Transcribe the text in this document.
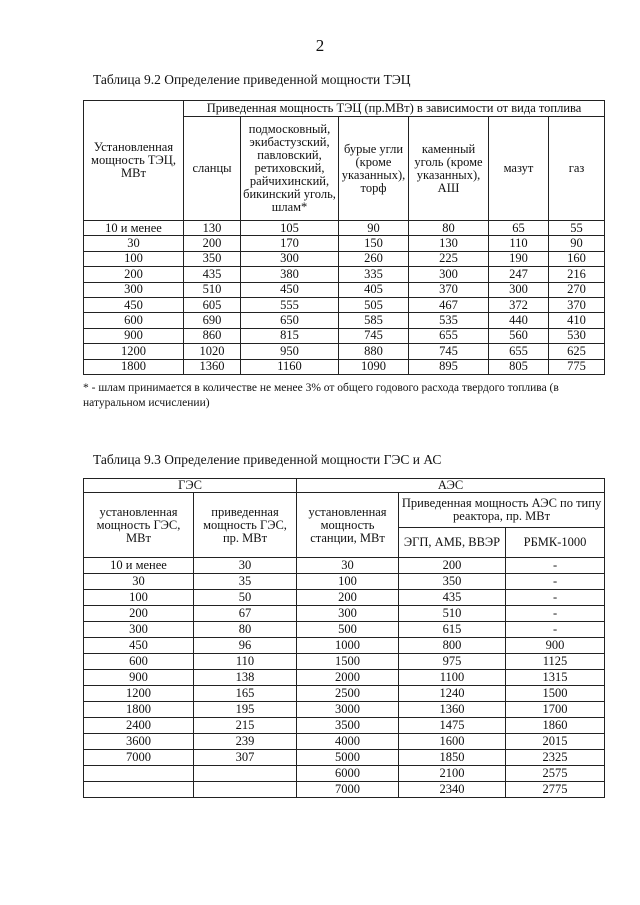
2
Таблица 9.2 Определение приведенной мощности ТЭЦ
Установленная мощность ТЭЦ, МВт	Приведенная мощность ТЭЦ (пр.МВт) в зависимости от вида топлива					
	сланцы	подмосковный, экибастузский, павловский, ретиховский, райчихинский, бикинский уголь, шлам*	бурые угли (кроме указанных), торф	каменный уголь (кроме указанных), АШ	мазут	газ
10 и менее	130	105	90	80	65	55
30	200	170	150	130	110	90
100	350	300	260	225	190	160
200	435	380	335	300	247	216
300	510	450	405	370	300	270
450	605	555	505	467	372	370
600	690	650	585	535	440	410
900	860	815	745	655	560	530
1200	1020	950	880	745	655	625
1800	1360	1160	1090	895	805	775
* - шлам принимается в количестве не менее 3% от общего годового расхода твердого топлива (в натуральном исчислении)
Таблица 9.3 Определение приведенной мощности ГЭС и АС
ГЭС		АЭС		
установленная мощность ГЭС, МВт	приведенная мощность ГЭС, пр. МВт	установленная мощность станции, МВт	Приведенная мощность АЭС по типу реактора, пр. МВт	
			ЭГП, АМБ, ВВЭР	РБМК-1000
10 и менее	30	30	200	-
30	35	100	350	-
100	50	200	435	-
200	67	300	510	-
300	80	500	615	-
450	96	1000	800	900
600	110	1500	975	1125
900	138	2000	1100	1315
1200	165	2500	1240	1500
1800	195	3000	1360	1700
2400	215	3500	1475	1860
3600	239	4000	1600	2015
7000	307	5000	1850	2325
		6000	2100	2575
		7000	2340	2775
